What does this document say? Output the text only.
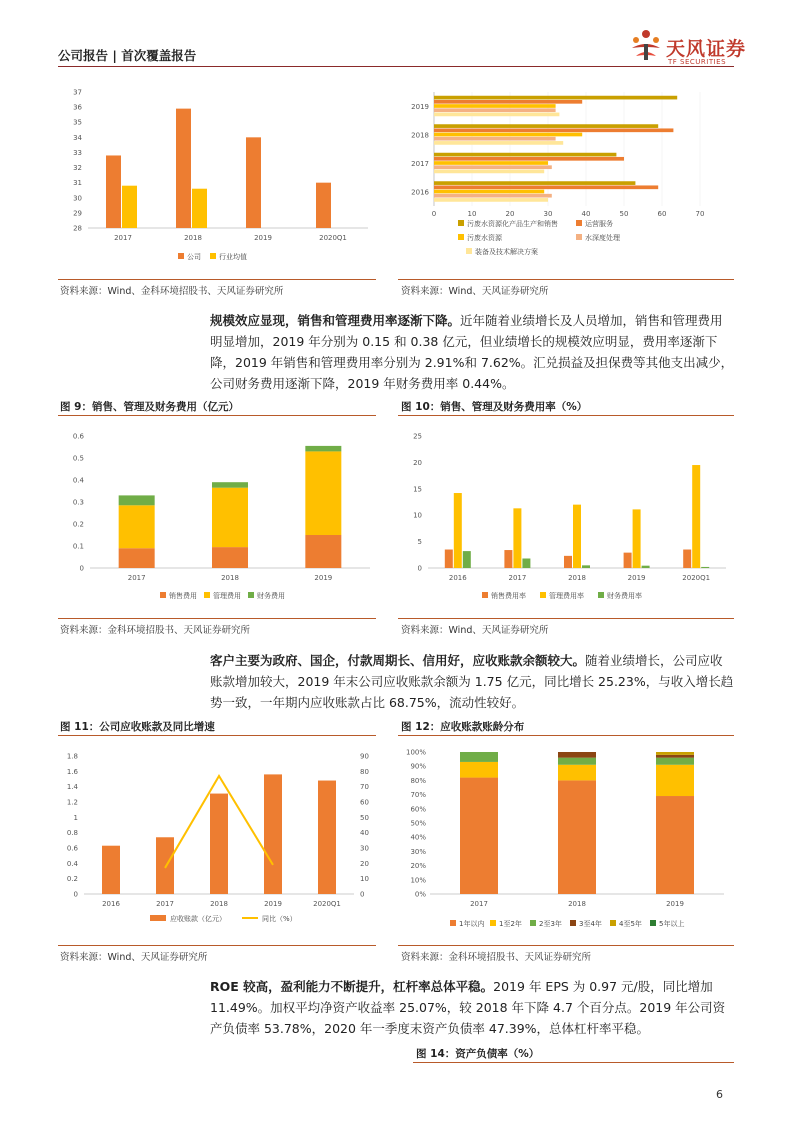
公司报告 | 首次覆盖报告	天风证券
TF SECURITIES
28
29
30
31
32
33
34
35
36
37
2017	2018	2019	2020Q1
公司	行业均值
0	10	20	30	40	50	60	70
2019
2018
2017
2016
污废水资源化产品生产和销售	运营服务
污废水资源	水深度处理
装备及技术解决方案
资料来源：Wind、金科环境招股书、天风证券研究所	资料来源：Wind、天风证券研究所
规模效应显现，销售和管理费用率逐渐下降。近年随着业绩增长及人员增加，销售和管理费用明显增加，2019 年分别为 0.15 和 0.38 亿元，但业绩增长的规模效应明显，费用率逐渐下降，2019 年销售和管理费用率分别为 2.91%和 7.62%。汇兑损益及担保费等其他支出减少，公司财务费用逐渐下降，2019 年财务费用率 0.44%。
图 9：销售、管理及财务费用（亿元）	图 10：销售、管理及财务费用率（%）
0
0.1
0.2
0.3
0.4
0.5
0.6
2017	2018	2019
销售费用 管理费用 财务费用
0
5
10
15
20
25
2016	2017	2018	2019	2020Q1
销售费用率	管理费用率	财务费用率
资料来源：金科环境招股书、天风证券研究所	资料来源：Wind、天风证券研究所
客户主要为政府、国企，付款周期长、信用好，应收账款余额较大。随着业绩增长，公司应收账款增加较大，2019 年末公司应收账款余额为 1.75 亿元，同比增长 25.23%，与收入增长趋势一致，一年期内应收账款占比 68.75%，流动性较好。
图 11：公司应收账款及同比增速	图 12：应收账款账龄分布
0
0.2
0.4
0.6
0.8
1
1.2
1.4
1.6
1.8
0
10
20
30
40
50
60
70
80
90
2016	2017	2018	2019	2020Q1
应收账款（亿元）	同比（%）
0%
10%
20%
30%
40%
50%
60%
70%
80%
90%
100%
2017	2018	2019
1年以内 1至2年 2至3年 3至4年 4至5年 5年以上
资料来源：Wind、天风证券研究所	资料来源：金科环境招股书、天风证券研究所
ROE 较高，盈利能力不断提升，杠杆率总体平稳。2019 年 EPS 为 0.97 元/股，同比增加 11.49%。加权平均净资产收益率 25.07%，较 2018 年下降 4.7 个百分点。2019 年公司资产负债率 53.78%，2020 年一季度末资产负债率 47.39%，总体杠杆率平稳。
图 14：资产负债率（%）
6
